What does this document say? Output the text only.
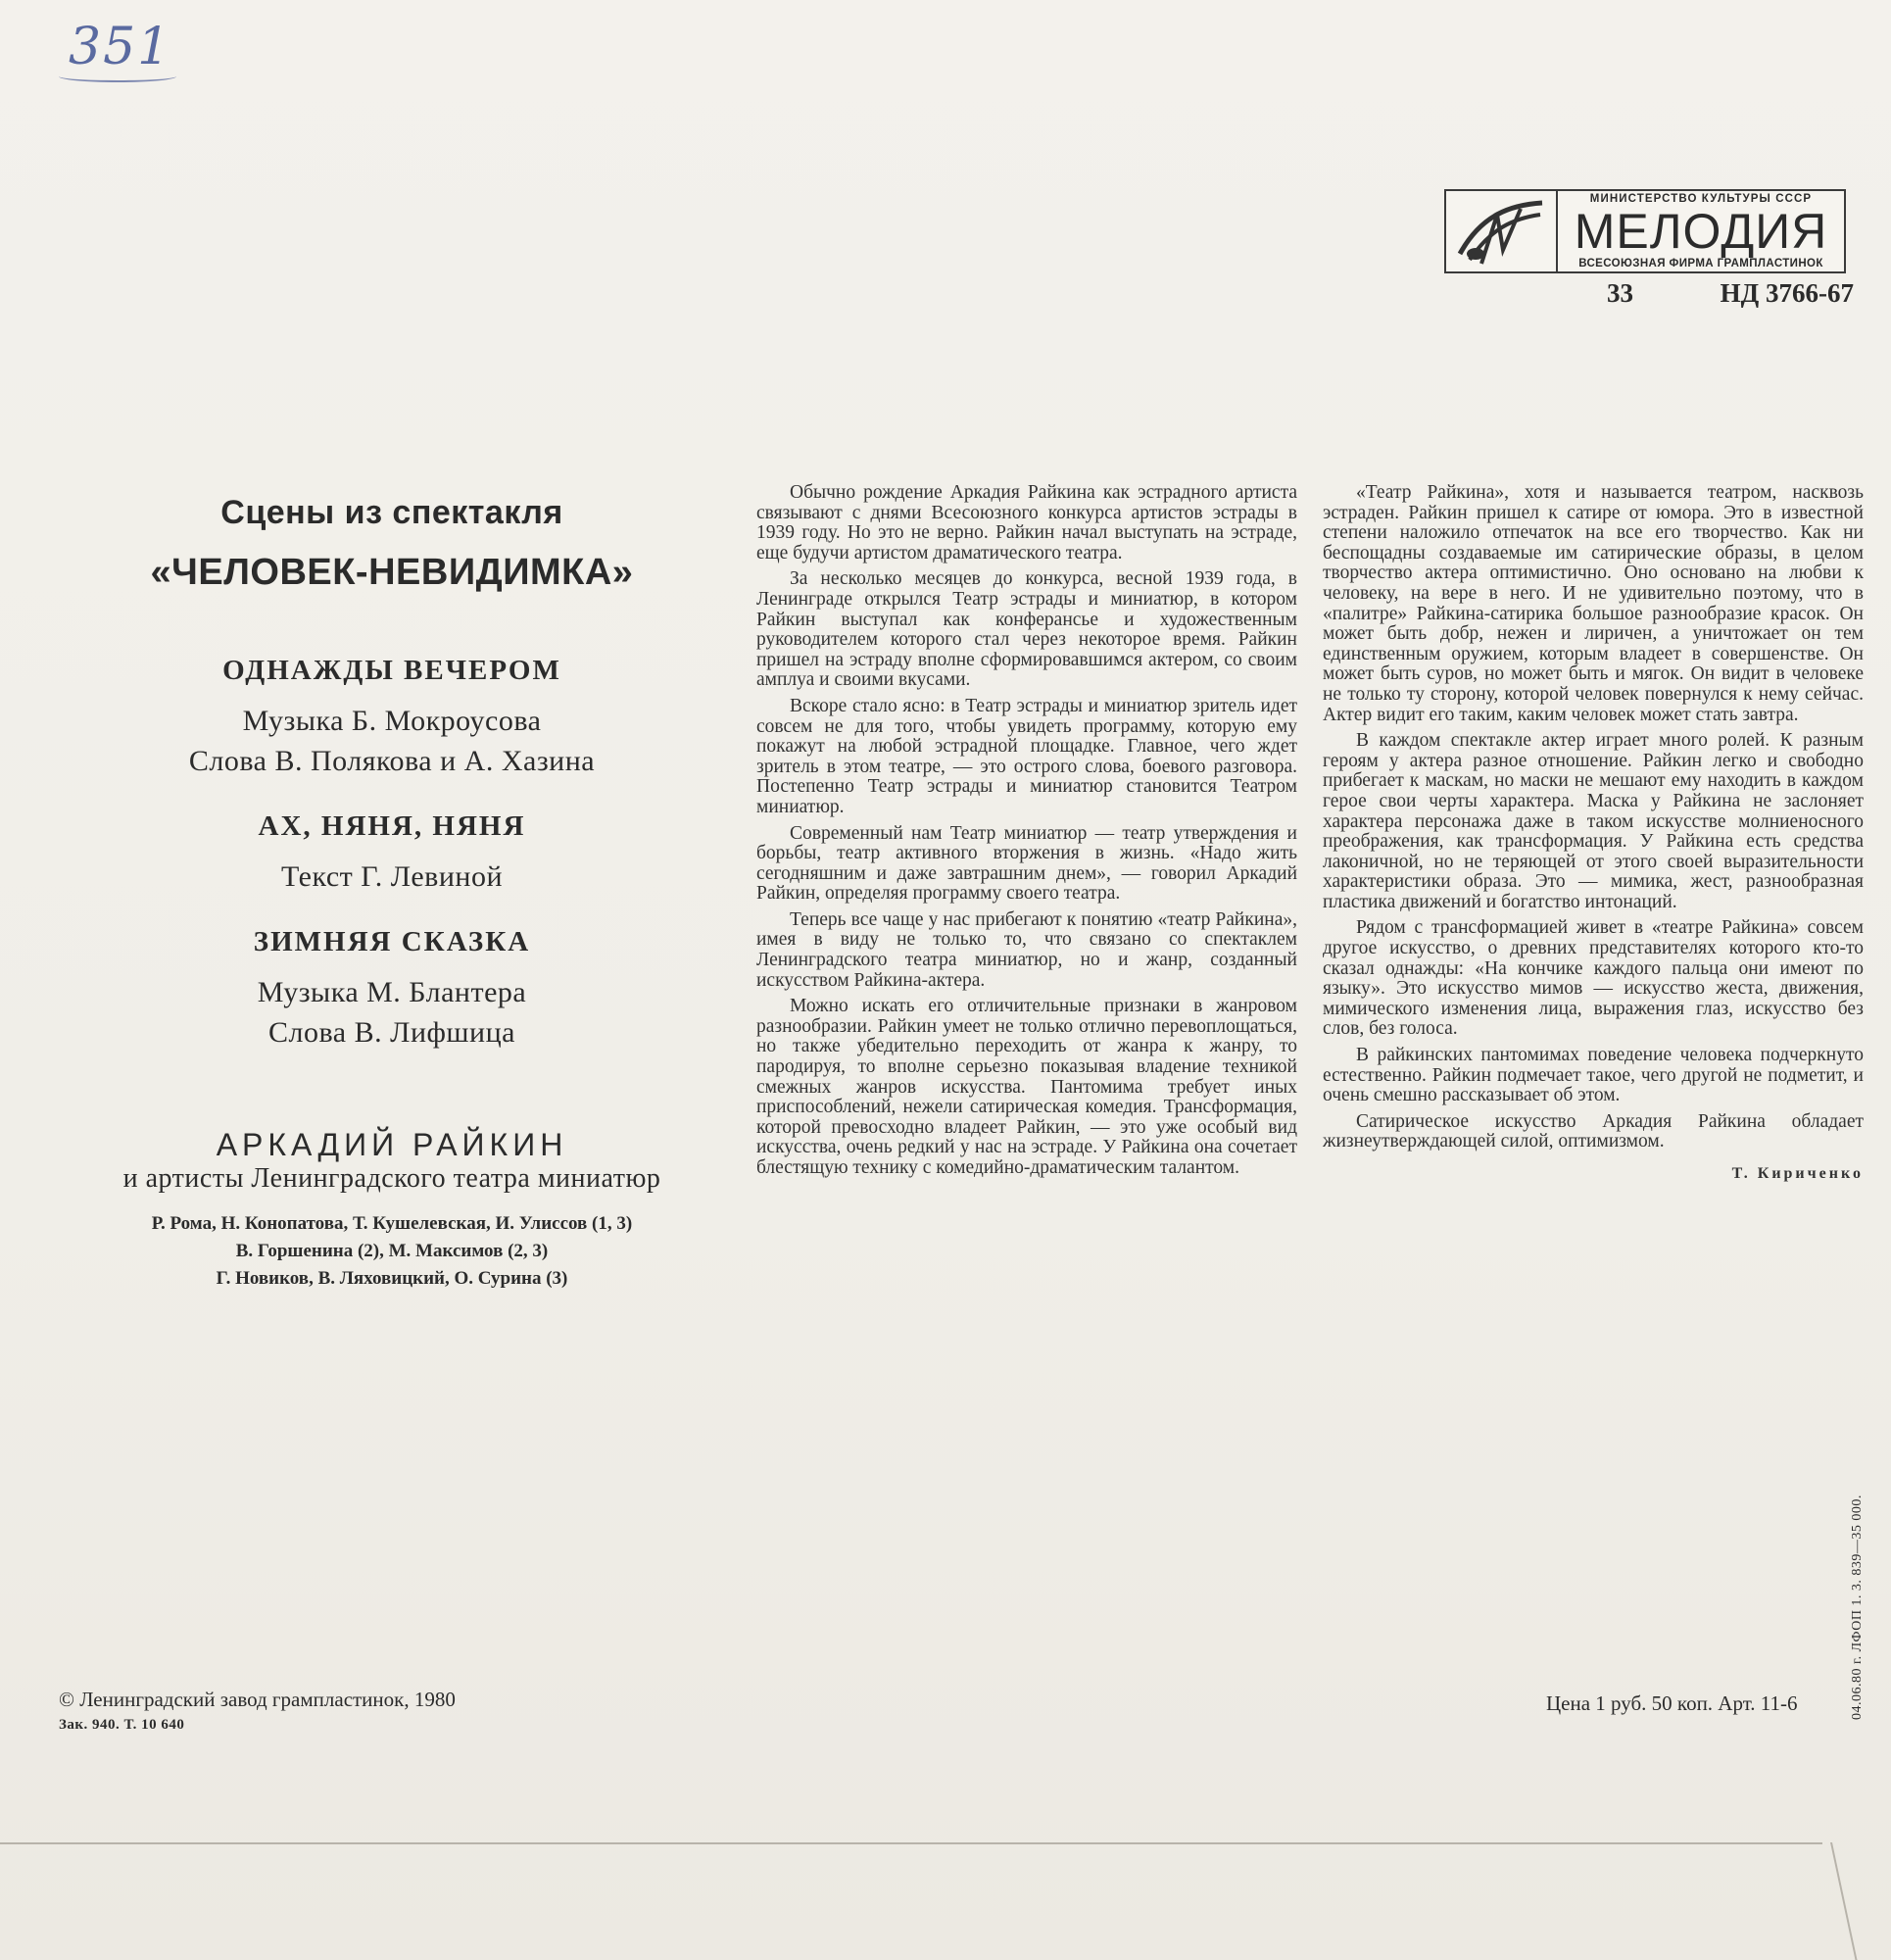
351
МИНИСТЕРСТВО КУЛЬТУРЫ СССР
МЕЛОДИЯ
ВСЕСОЮЗНАЯ ФИРМА ГРАМПЛАСТИНОК
33	НД 3766-67
Сцены из спектакля
«ЧЕЛОВЕК-НЕВИДИМКА»
ОДНАЖДЫ ВЕЧЕРОМ
Музыка Б. Мокроусова
Слова В. Полякова и А. Хазина
АХ, НЯНЯ, НЯНЯ
Текст Г. Левиной
ЗИМНЯЯ СКАЗКА
Музыка М. Блантера
Слова В. Лифшица
АРКАДИЙ РАЙКИН
и артисты Ленинградского театра миниатюр
Р. Рома, Н. Конопатова, Т. Кушелевская, И. Улиссов (1, 3)
В. Горшенина (2), М. Максимов (2, 3)
Г. Новиков, В. Ляховицкий, О. Сурина (3)

Обычно рождение Аркадия Райкина как эстрадного артиста связывают с днями Всесоюзного конкурса артистов эстрады в 1939 году. Но это не верно. Райкин начал выступать на эстраде, еще будучи артистом драматического театра.

За несколько месяцев до конкурса, весной 1939 года, в Ленинграде открылся Театр эстрады и миниатюр, в котором Райкин выступал как конферансье и художественным руководителем которого стал через некоторое время. Райкин пришел на эстраду вполне сформировавшимся актером, со своим амплуа и своими вкусами.

Вскоре стало ясно: в Театр эстрады и миниатюр зритель идет совсем не для того, чтобы увидеть программу, которую ему покажут на любой эстрадной площадке. Главное, чего ждет зритель в этом театре, — это острого слова, боевого разговора. Постепенно Театр эстрады и миниатюр становится Театром миниатюр.

Современный нам Театр миниатюр — театр утверждения и борьбы, театр активного вторжения в жизнь. «Надо жить сегодняшним и даже завтрашним днем», — говорил Аркадий Райкин, определяя программу своего театра.

Теперь все чаще у нас прибегают к понятию «театр Райкина», имея в виду не только то, что связано со спектаклем Ленинградского театра миниатюр, но и жанр, созданный искусством Райкина-актера.

Можно искать его отличительные признаки в жанровом разнообразии. Райкин умеет не только отлично перевоплощаться, но также убедительно переходить от жанра к жанру, то пародируя, то вполне серьезно показывая владение техникой смежных жанров искусства. Пантомима требует иных приспособлений, нежели сатирическая комедия. Трансформация, которой превосходно владеет Райкин, — это уже особый вид искусства, очень редкий у нас на эстраде. У Райкина она сочетает блестящую технику с комедийно-драматическим талантом.

«Театр Райкина», хотя и называется театром, насквозь эстраден. Райкин пришел к сатире от юмора. Это в известной степени наложило отпечаток на все его творчество. Как ни беспощадны создаваемые им сатирические образы, в целом творчество актера оптимистично. Оно основано на любви к человеку, на вере в него. И не удивительно поэтому, что в «палитре» Райкина-сатирика большое разнообразие красок. Он может быть добр, нежен и лиричен, а уничтожает он тем единственным оружием, которым владеет в совершенстве. Он может быть суров, но может быть и мягок. Он видит в человеке не только ту сторону, которой человек повернулся к нему сейчас. Актер видит его таким, каким человек может стать завтра.

В каждом спектакле актер играет много ролей. К разным героям у актера разное отношение. Райкин легко и свободно прибегает к маскам, но маски не мешают ему находить в каждом герое свои черты характера. Маска у Райкина не заслоняет характера персонажа даже в таком искусстве молниеносного преображения, как трансформация. У Райкина есть средства лаконичной, но не теряющей от этого своей выразительности характеристики образа. Это — мимика, жест, разнообразная пластика движений и богатство интонаций.

Рядом с трансформацией живет в «театре Райкина» совсем другое искусство, о древних представителях которого кто-то сказал однажды: «На кончике каждого пальца они имеют по языку». Это искусство мимов — искусство жеста, движения, мимического изменения лица, выражения глаз, искусство без слов, без голоса.

В райкинских пантомимах поведение человека подчеркнуто естественно. Райкин подмечает такое, чего другой не подметит, и очень смешно рассказывает об этом.

Сатирическое искусство Аркадия Райкина обладает жизнеутверждающей силой, оптимизмом.

Т. Кириченко
© Ленинградский завод грампластинок, 1980
Зак. 940. Т. 10 640
Цена 1 руб. 50 коп. Арт. 11-6	04.06.80 г. ЛФОП 1. 3. 839—35 000.
